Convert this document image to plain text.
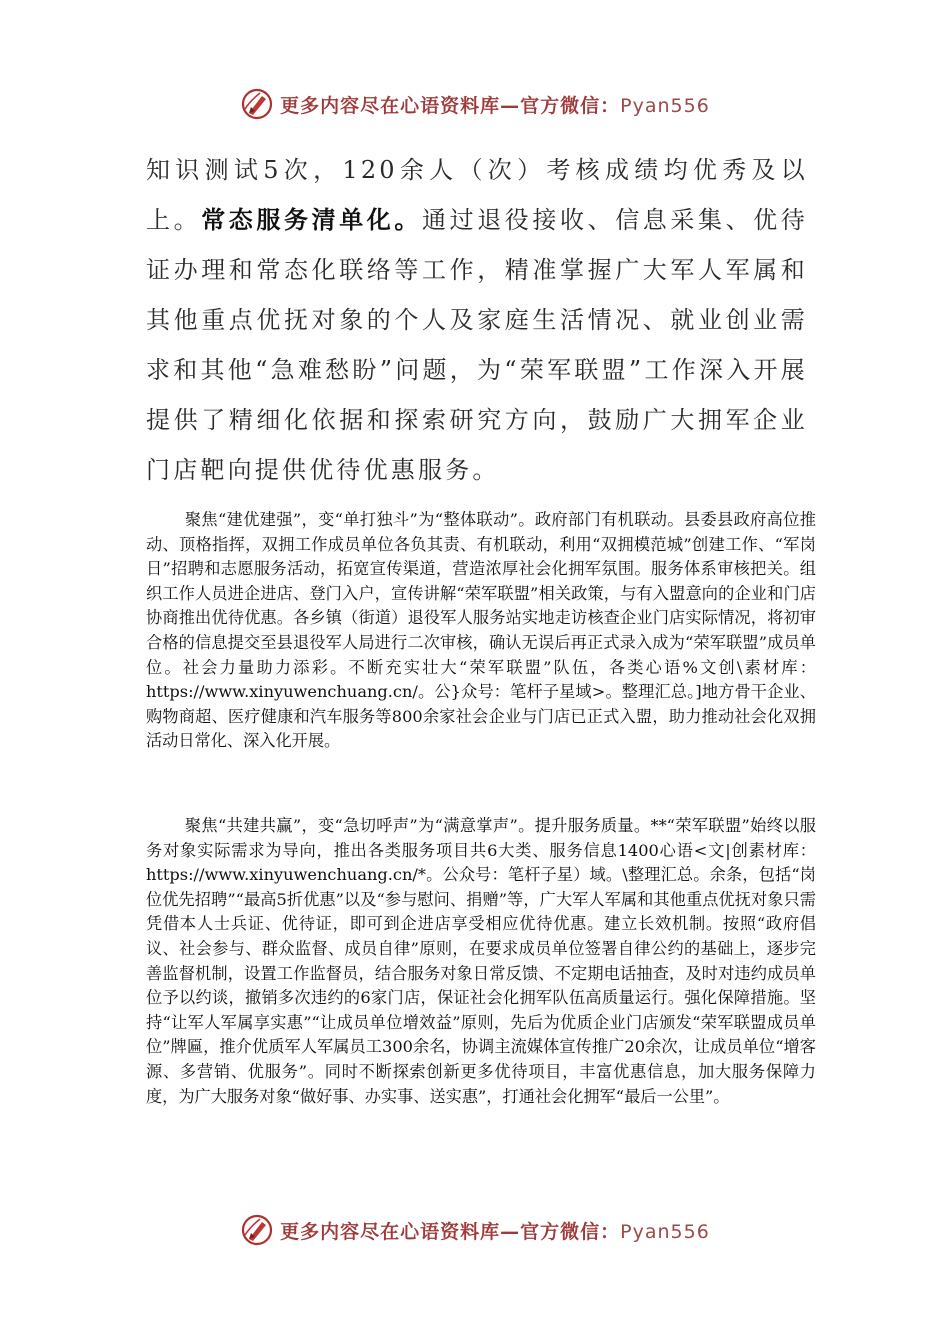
更多内容尽在心语资料库—官方微信：Pyan556

知识测试5次，120余人（次）考核成绩均优秀及以上。常态服务清单化。通过退役接收、信息采集、优待证办理和常态化联络等工作，精准掌握广大军人军属和其他重点优抚对象的个人及家庭生活情况、就业创业需求和其他“急难愁盼”问题，为“荣军联盟”工作深入开展提供了精细化依据和探索研究方向，鼓励广大拥军企业门店靶向提供优待优惠服务。

聚焦“建优建强”，变“单打独斗”为“整体联动”。政府部门有机联动。县委县政府高位推动、顶格指挥，双拥工作成员单位各负其责、有机联动，利用“双拥模范城”创建工作、“军岗日”招聘和志愿服务活动，拓宽宣传渠道，营造浓厚社会化拥军氛围。服务体系审核把关。组织工作人员进企进店、登门入户，宣传讲解“荣军联盟”相关政策，与有入盟意向的企业和门店协商推出优待优惠。各乡镇（街道）退役军人服务站实地走访核查企业门店实际情况，将初审合格的信息提交至县退役军人局进行二次审核，确认无误后再正式录入成为“荣军联盟”成员单位。社会力量助力添彩。不断充实壮大“荣军联盟”队伍，各类心语%文创\素材库：https://www.xinyuwenchuang.cn/。公}众号：笔杆子星域>。整理汇总。]地方骨干企业、购物商超、医疗健康和汽车服务等800余家社会企业与门店已正式入盟，助力推动社会化双拥活动日常化、深入化开展。

聚焦“共建共赢”，变“急切呼声”为“满意掌声”。提升服务质量。**“荣军联盟”始终以服务对象实际需求为导向，推出各类服务项目共6大类、服务信息1400心语<文|创素材库：https://www.xinyuwenchuang.cn/*。公众号：笔杆子星）域。\整理汇总。余条，包括“岗位优先招聘”“最高5折优惠”以及“参与慰问、捐赠”等，广大军人军属和其他重点优抚对象只需凭借本人士兵证、优待证，即可到企进店享受相应优待优惠。建立长效机制。按照“政府倡议、社会参与、群众监督、成员自律”原则，在要求成员单位签署自律公约的基础上，逐步完善监督机制，设置工作监督员，结合服务对象日常反馈、不定期电话抽查，及时对违约成员单位予以约谈，撤销多次违约的6家门店，保证社会化拥军队伍高质量运行。强化保障措施。坚持“让军人军属享实惠”“让成员单位增效益”原则，先后为优质企业门店颁发“荣军联盟成员单位”牌匾，推介优质军人军属员工300余名，协调主流媒体宣传推广20余次，让成员单位“增客源、多营销、优服务”。同时不断探索创新更多优待项目，丰富优惠信息，加大服务保障力度，为广大服务对象“做好事、办实事、送实惠”，打通社会化拥军“最后一公里”。

更多内容尽在心语资料库—官方微信：Pyan556
